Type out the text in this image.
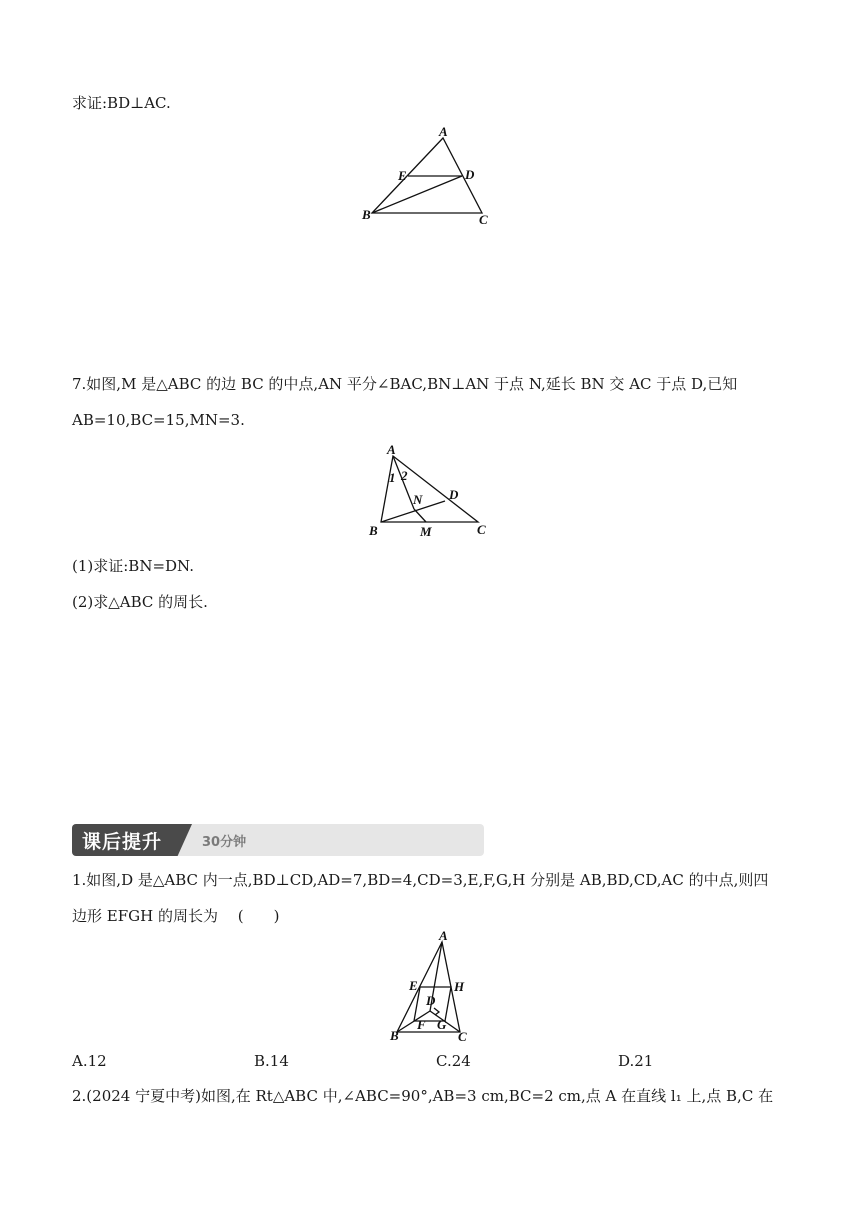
求证:BD⊥AC.
A
E	D
B	C
7.如图,M 是△ABC 的边 BC 的中点,AN 平分∠BAC,BN⊥AN 于点 N,延长 BN 交 AC 于点 D,已知
AB=10,BC=15,MN=3.
A
1 2
N D
B	M	C
(1)求证:BN=DN.
(2)求△ABC 的周长.
课后提升	30分钟
1.如图,D 是△ABC 内一点,BD⊥CD,AD=7,BD=4,CD=3,E,F,G,H 分别是 AB,BD,CD,AC 的中点,则四
边形 EFGH 的周长为　 (　　)
A
E	H
D
B
F G
C
A.12	B.14	C.24	D.21
2.(2024 宁夏中考)如图,在 Rt△ABC 中,∠ABC=90°,AB=3 cm,BC=2 cm,点 A 在直线 l₁ 上,点 B,C 在
